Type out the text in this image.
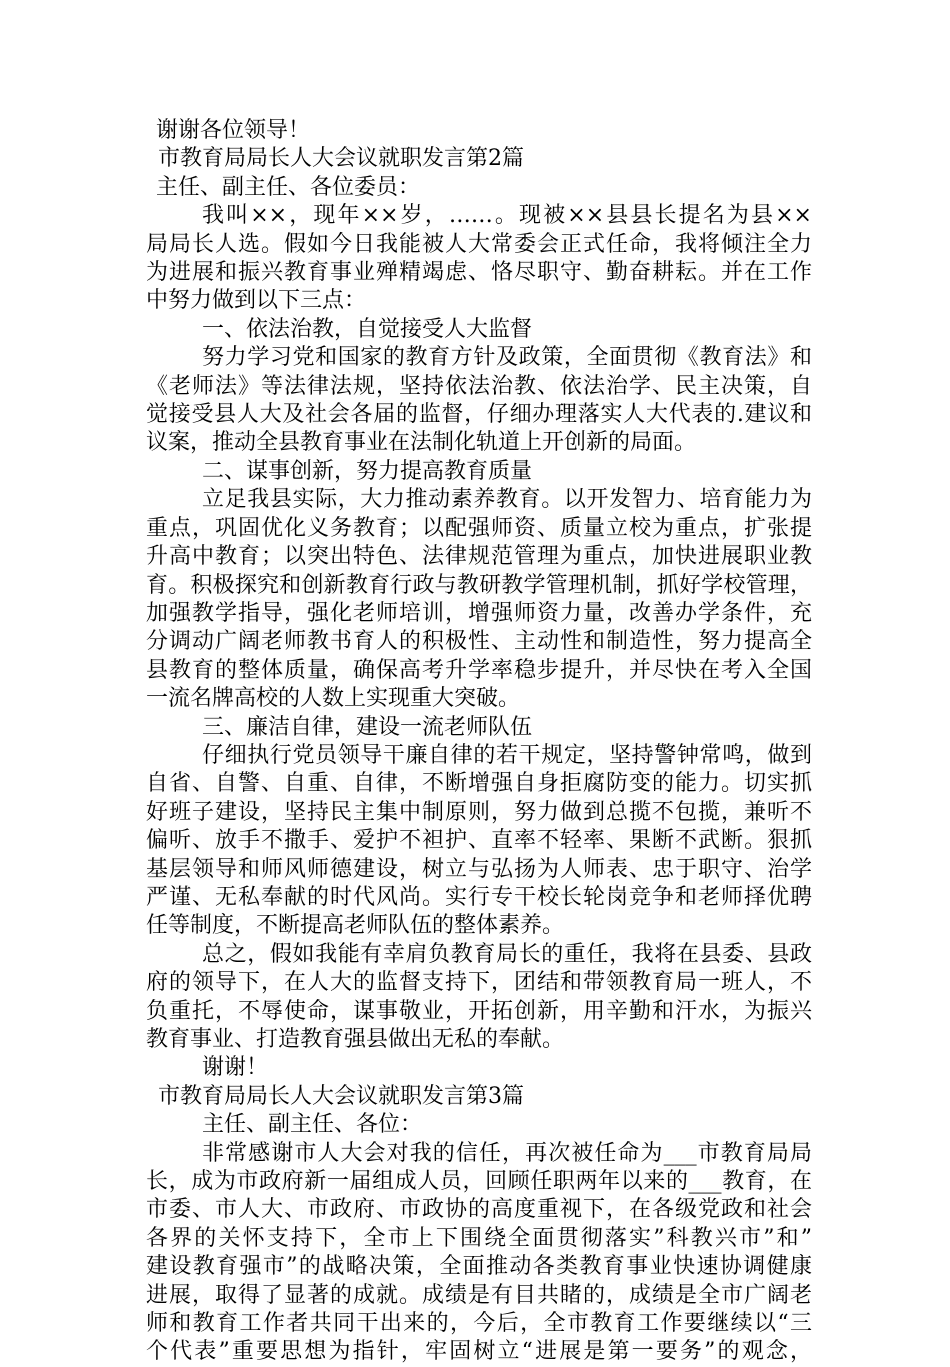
谢谢各位领导！
市教育局局长人大会议就职发言第2篇
主任、副主任、各位委员：
我叫××，现年××岁，……。现被××县县长提名为县××
局局长人选。假如今日我能被人大常委会正式任命，我将倾注全力
为进展和振兴教育事业殚精竭虑、恪尽职守、勤奋耕耘。并在工作
中努力做到以下三点：
一、依法治教，自觉接受人大监督
努力学习党和国家的教育方针及政策，全面贯彻《教育法》和
《老师法》等法律法规，坚持依法治教、依法治学、民主决策，自
觉接受县人大及社会各届的监督，仔细办理落实人大代表的.建议和
议案，推动全县教育事业在法制化轨道上开创新的局面。
二、谋事创新，努力提高教育质量
立足我县实际，大力推动素养教育。以开发智力、培育能力为
重点，巩固优化义务教育；以配强师资、质量立校为重点，扩张提
升高中教育；以突出特色、法律规范管理为重点，加快进展职业教
育。积极探究和创新教育行政与教研教学管理机制，抓好学校管理，
加强教学指导，强化老师培训，增强师资力量，改善办学条件，充
分调动广阔老师教书育人的积极性、主动性和制造性，努力提高全
县教育的整体质量，确保高考升学率稳步提升，并尽快在考入全国
一流名牌高校的人数上实现重大突破。
三、廉洁自律，建设一流老师队伍
仔细执行党员领导干廉自律的若干规定，坚持警钟常鸣，做到
自省、自警、自重、自律，不断增强自身拒腐防变的能力。切实抓
好班子建设，坚持民主集中制原则，努力做到总揽不包揽，兼听不
偏听、放手不撒手、爱护不袒护、直率不轻率、果断不武断。狠抓
基层领导和师风师德建设，树立与弘扬为人师表、忠于职守、治学
严谨、无私奉献的时代风尚。实行专干校长轮岗竞争和老师择优聘
任等制度，不断提高老师队伍的整体素养。
总之，假如我能有幸肩负教育局长的重任，我将在县委、县政
府的领导下，在人大的监督支持下，团结和带领教育局一班人，不
负重托，不辱使命，谋事敬业，开拓创新，用辛勤和汗水，为振兴
教育事业、打造教育强县做出无私的奉献。
谢谢！
市教育局局长人大会议就职发言第3篇
主任、副主任、各位：
非常感谢市人大会对我的信任，再次被任命为___市教育局局
长，成为市政府新一届组成人员，回顾任职两年以来的___教育，在
市委、市人大、市政府、市政协的高度重视下，在各级党政和社会
各界的关怀支持下，全市上下围绕全面贯彻落实”科教兴市”和”
建设教育强市”的战略决策，全面推动各类教育事业快速协调健康
进展，取得了显著的成就。成绩是有目共睹的，成绩是全市广阔老
师和教育工作者共同干出来的，今后，全市教育工作要继续以“三
个代表”重要思想为指针，牢固树立“进展是第一要务”的观念，
